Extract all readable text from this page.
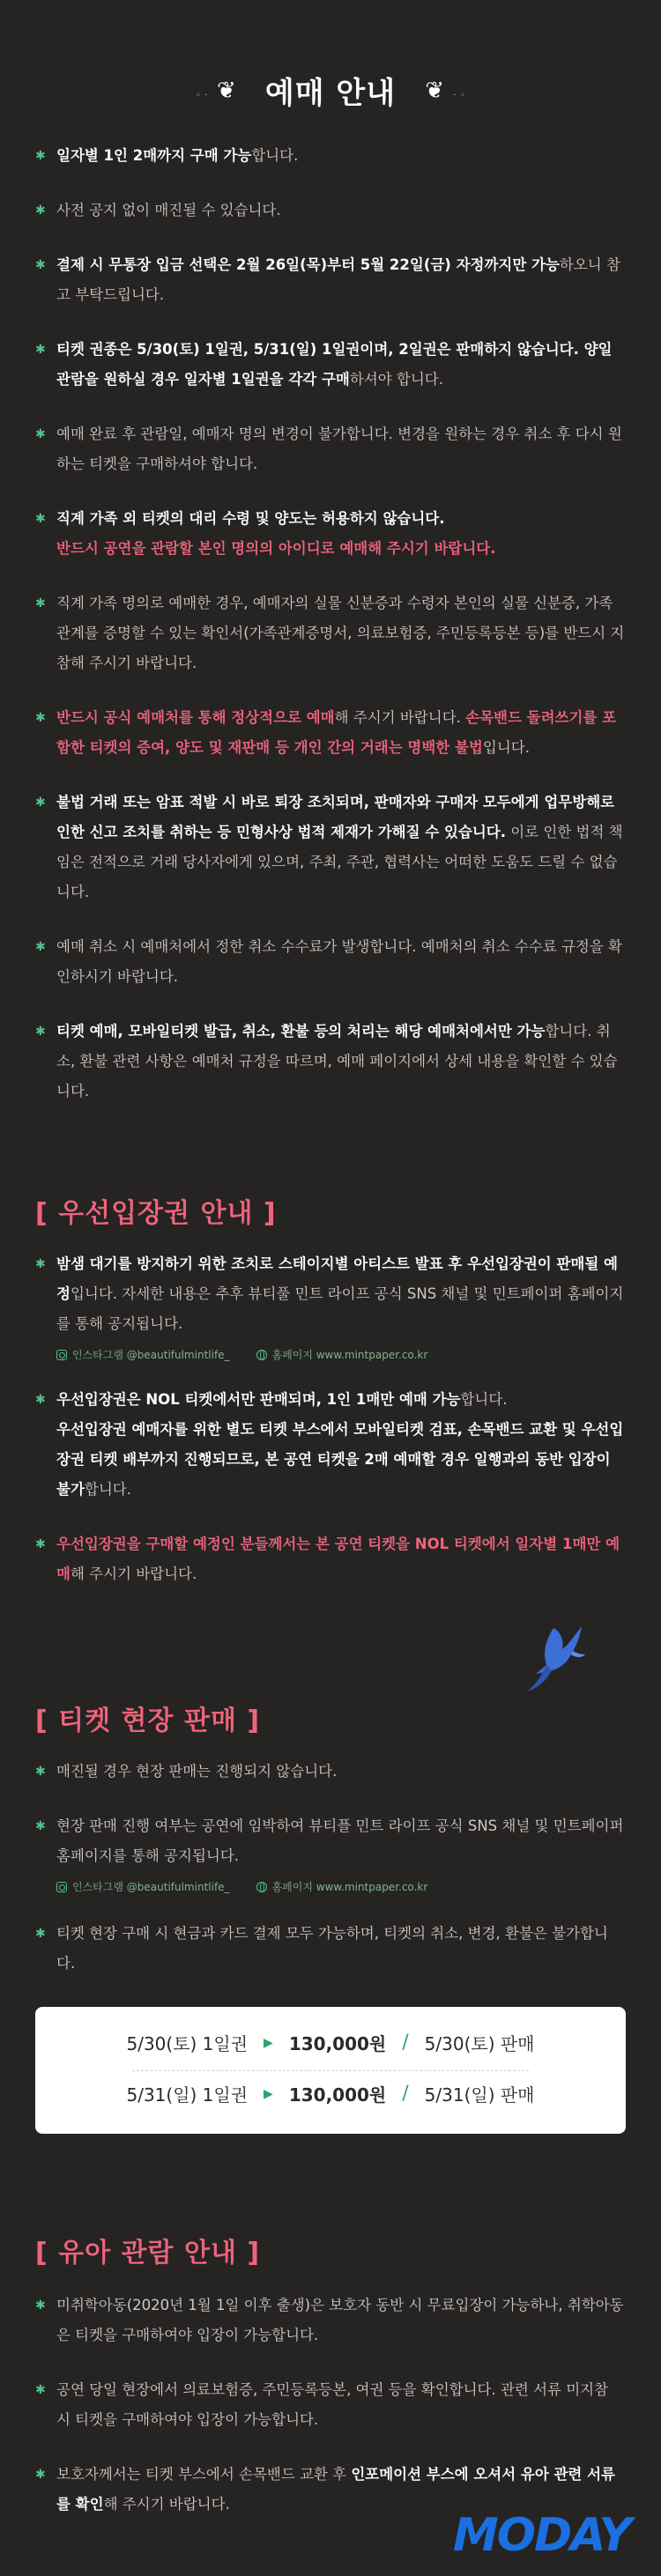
◦ · ❦ 예매 안내 ❦ · ◦
✱ 일자별 1인 2매까지 구매 가능합니다.

✱ 사전 공지 없이 매진될 수 있습니다.

✱ 결제 시 무통장 입금 선택은 2월 26일(목)부터 5월 22일(금) 자정까지만 가능하오니 참고 부탁드립니다.

✱ 티켓 권종은 5/30(토) 1일권, 5/31(일) 1일권이며, 2일권은 판매하지 않습니다. 양일 관람을 원하실 경우 일자별 1일권을 각각 구매하셔야 합니다.

✱ 예매 완료 후 관람일, 예매자 명의 변경이 불가합니다. 변경을 원하는 경우 취소 후 다시 원하는 티켓을 구매하셔야 합니다.

✱ 직계 가족 외 티켓의 대리 수령 및 양도는 허용하지 않습니다.
반드시 공연을 관람할 본인 명의의 아이디로 예매해 주시기 바랍니다.

✱ 직계 가족 명의로 예매한 경우, 예매자의 실물 신분증과 수령자 본인의 실물 신분증, 가족관계를 증명할 수 있는 확인서(가족관계증명서, 의료보험증, 주민등록등본 등)를 반드시 지참해 주시기 바랍니다.

✱ 반드시 공식 예매처를 통해 정상적으로 예매해 주시기 바랍니다. 손목밴드 돌려쓰기를 포함한 티켓의 증여, 양도 및 재판매 등 개인 간의 거래는 명백한 불법입니다.

✱ 불법 거래 또는 암표 적발 시 바로 퇴장 조치되며, 판매자와 구매자 모두에게 업무방해로 인한 신고 조치를 취하는 등 민형사상 법적 제재가 가해질 수 있습니다. 이로 인한 법적 책임은 전적으로 거래 당사자에게 있으며, 주최, 주관, 협력사는 어떠한 도움도 드릴 수 없습니다.

✱ 예매 취소 시 예매처에서 정한 취소 수수료가 발생합니다. 예매처의 취소 수수료 규정을 확인하시기 바랍니다.

✱ 티켓 예매, 모바일티켓 발급, 취소, 환불 등의 처리는 해당 예매처에서만 가능합니다. 취소, 환불 관련 사항은 예매처 규정을 따르며, 예매 페이지에서 상세 내용을 확인할 수 있습니다.

[ 우선입장권 안내 ]
✱ 밤샘 대기를 방지하기 위한 조치로 스테이지별 아티스트 발표 후 우선입장권이 판매될 예정입니다. 자세한 내용은 추후 뷰티풀 민트 라이프 공식 SNS 채널 및 민트페이퍼 홈페이지를 통해 공지됩니다.

인스타그램 @beautifulmintlife_	홈페이지 www.mintpaper.co.kr
✱ 우선입장권은 NOL 티켓에서만 판매되며, 1인 1매만 예매 가능합니다.
우선입장권 예매자를 위한 별도 티켓 부스에서 모바일티켓 검표, 손목밴드 교환 및 우선입장권 티켓 배부까지 진행되므로, 본 공연 티켓을 2매 예매할 경우 일행과의 동반 입장이 불가합니다.

✱ 우선입장권을 구매할 예정인 분들께서는 본 공연 티켓을 NOL 티켓에서 일자별 1매만 예매해 주시기 바랍니다.

[ 티켓 현장 판매 ]
✱ 매진될 경우 현장 판매는 진행되지 않습니다.

✱ 현장 판매 진행 여부는 공연에 임박하여 뷰티플 민트 라이프 공식 SNS 채널 및 민트페이퍼 홈페이지를 통해 공지됩니다.

인스타그램 @beautifulmintlife_	홈페이지 www.mintpaper.co.kr
✱ 티켓 현장 구매 시 현금과 카드 결제 모두 가능하며, 티켓의 취소, 변경, 환불은 불가합니다.

5/30(토) 1일권 ▶ 130,000원 / 5/30(토) 판매
5/31(일) 1일권 ▶ 130,000원 / 5/31(일) 판매
[ 유아 관람 안내 ]
✱ 미취학아동(2020년 1월 1일 이후 출생)은 보호자 동반 시 무료입장이 가능하나, 취학아동은 티켓을 구매하여야 입장이 가능합니다.

✱ 공연 당일 현장에서 의료보험증, 주민등록등본, 여권 등을 확인합니다. 관련 서류 미지참 시 티켓을 구매하여야 입장이 가능합니다.

✱ 보호자께서는 티켓 부스에서 손목밴드 교환 후 인포메이션 부스에 오셔서 유아 관련 서류를 확인해 주시기 바랍니다.

MODAY
